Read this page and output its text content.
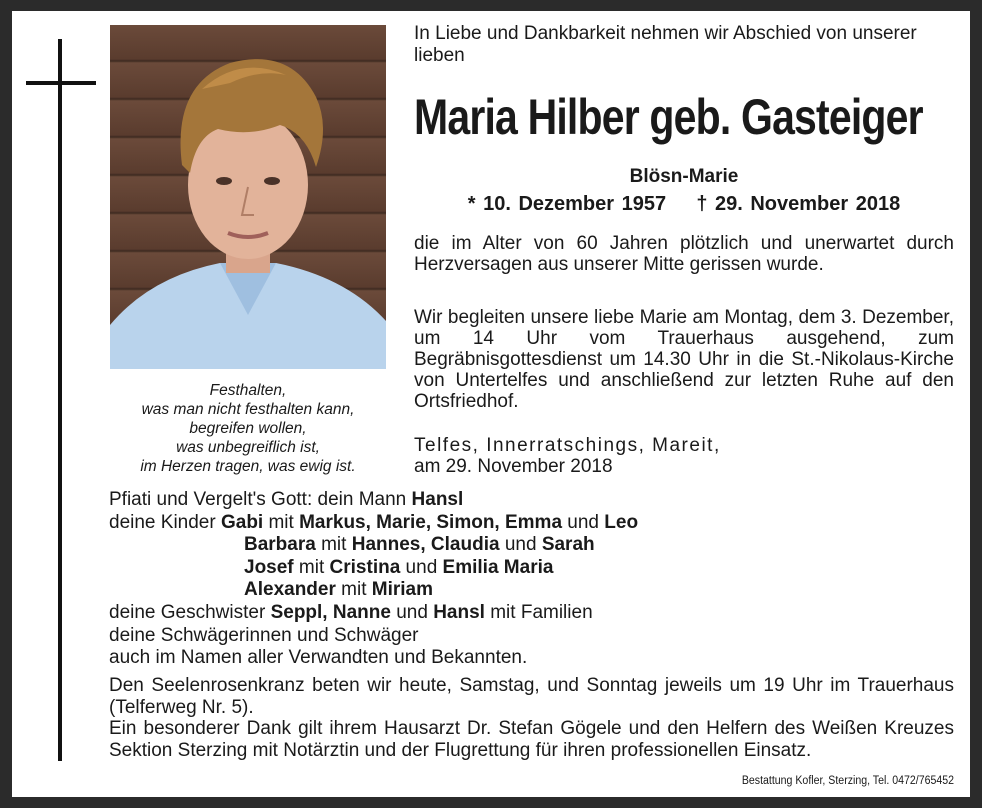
Festhalten,
was man nicht festhalten kann,
begreifen wollen,
was unbegreiflich ist,
im Herzen tragen, was ewig ist.
In Liebe und Dankbarkeit nehmen wir Abschied von unserer lieben
Maria Hilber geb. Gasteiger
Blösn-Marie
* 10. Dezember 1957 † 29. November 2018
die im Alter von 60 Jahren plötzlich und unerwartet durch Herzversagen aus unserer Mitte gerissen wurde.
Wir begleiten unsere liebe Marie am Montag, dem 3. Dezember, um 14 Uhr vom Trauerhaus ausgehend, zum Begräbnisgottesdienst um 14.30 Uhr in die St.-Nikolaus-Kirche von Untertelfes und anschließend zur letzten Ruhe auf den Ortsfriedhof.
Telfes, Innerratschings, Mareit,
am 29. November 2018
Pfiati und Vergelt's Gott: dein Mann Hansl
deine Kinder Gabi mit Markus, Marie, Simon, Emma und Leo
Barbara mit Hannes, Claudia und Sarah
Josef mit Cristina und Emilia Maria
Alexander mit Miriam
deine Geschwister Seppl, Nanne und Hansl mit Familien
deine Schwägerinnen und Schwäger
auch im Namen aller Verwandten und Bekannten.
Den Seelenrosenkranz beten wir heute, Samstag, und Sonntag jeweils um 19 Uhr im Trauerhaus (Telferweg Nr. 5).
Ein besonderer Dank gilt ihrem Hausarzt Dr. Stefan Gögele und den Helfern des Weißen Kreuzes Sektion Sterzing mit Notärztin und der Flugrettung für ihren professionellen Einsatz.
Bestattung Kofler, Sterzing, Tel. 0472/765452
